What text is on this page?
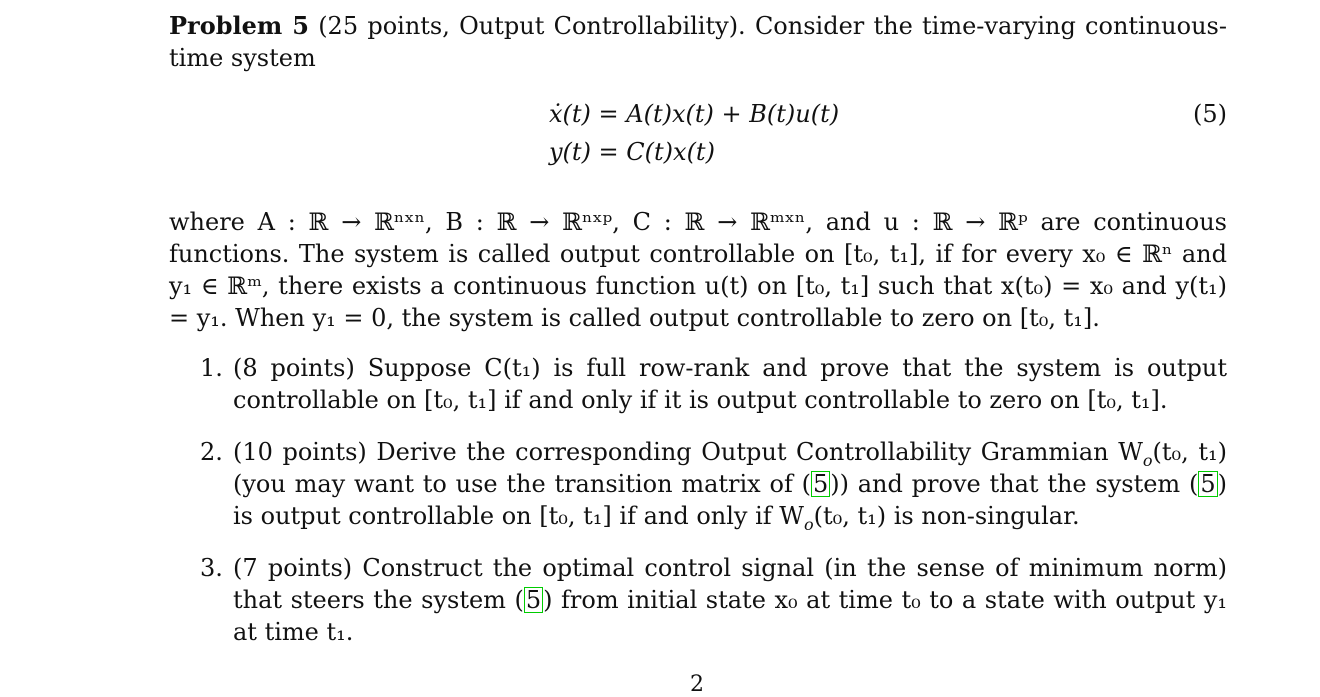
Problem 5 (25 points, Output Controllability). Consider the time-varying continuous-time system

ẋ(t) = A(t)x(t) + B(t)u(t)
y(t) = C(t)x(t)
(5)

where A : ℝ → ℝⁿˣⁿ, B : ℝ → ℝⁿˣᵖ, C : ℝ → ℝᵐˣⁿ, and u : ℝ → ℝᵖ are continuous functions. The system is called output controllable on [t₀, t₁], if for every x₀ ∈ ℝⁿ and y₁ ∈ ℝᵐ, there exists a continuous function u(t) on [t₀, t₁] such that x(t₀) = x₀ and y(t₁) = y₁. When y₁ = 0, the system is called output controllable to zero on [t₀, t₁].

1. (8 points) Suppose C(t₁) is full row-rank and prove that the system is output controllable on [t₀, t₁] if and only if it is output controllable to zero on [t₀, t₁].
2. (10 points) Derive the corresponding Output Controllability Grammian $W_o(t_0$, t₁) (you may want to use the transition matrix of (5)) and prove that the system (5) is output controllable on [t₀, t₁] if and only if $W_o(t_0$, t₁) is non-singular.
3. (7 points) Construct the optimal control signal (in the sense of minimum norm) that steers the system (5) from initial state x₀ at time t₀ to a state with output y₁ at time t₁.
2
